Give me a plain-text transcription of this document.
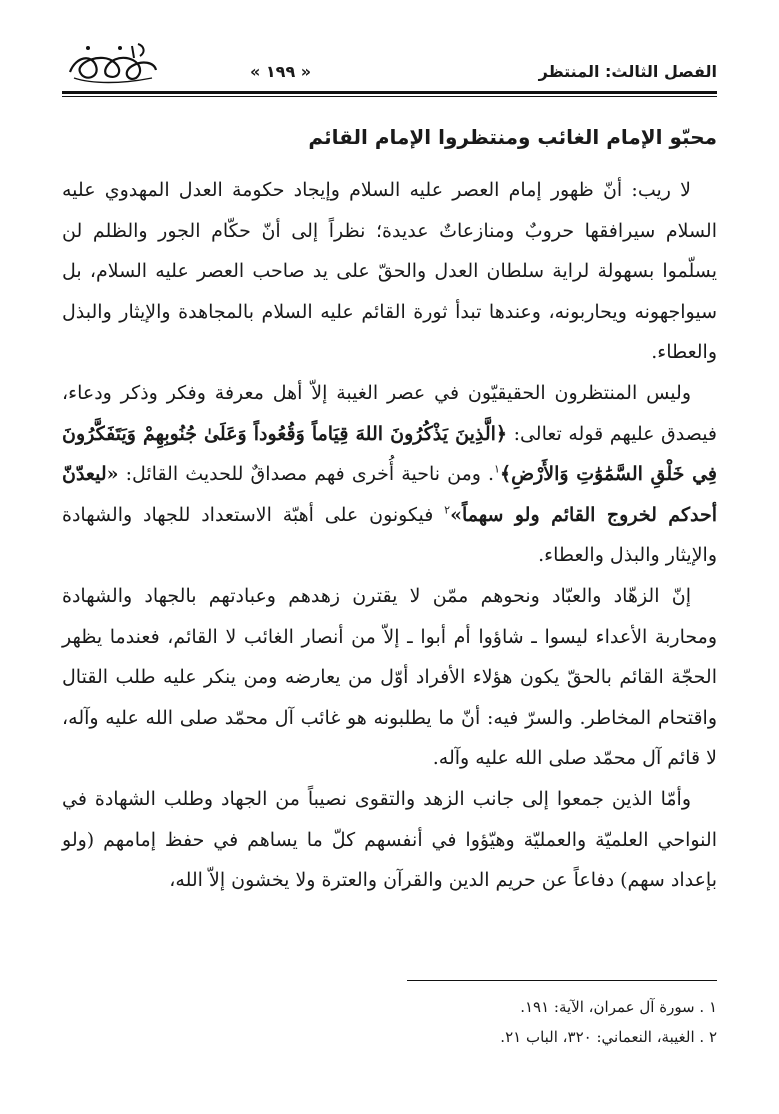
الفصل الثالث: المنتظر
« ١٩٩ »
محبّو الإمام الغائب ومنتظروا الإمام القائم

لا ريب: أنّ ظهور إمام العصر عليه السلام وإيجاد حكومة العدل المهدوي عليه السلام سيرافقها حروبٌ ومنازعاتٌ عديدة؛ نظراً إلى أنّ حكّام الجور والظلم لن يسلّموا بسهولة لراية سلطان العدل والحقّ على يد صاحب العصر عليه السلام، بل سيواجهونه ويحاربونه، وعندها تبدأ ثورة القائم عليه السلام بالمجاهدة والإيثار والبذل والعطاء.

وليس المنتظرون الحقيقيّون في عصر الغيبة إلاّ أهل معرفة وفكر وذكر ودعاء، فيصدق عليهم قوله تعالى: ﴿الَّذِينَ يَذْكُرُونَ اللهَ قِيَاماً وَقُعُوداً وَعَلَىٰ جُنُوبِهِمْ وَيَتَفَكَّرُونَ فِي خَلْقِ السَّمَٰوَٰتِ وَالأَرْضِ﴾$^١$. ومن ناحية أُخرى فهم مصداقٌ للحديث القائل: «ليعدّنّ أحدكم لخروج القائم ولو سهماً»$^٢$ فيكونون على أهبّة الاستعداد للجهاد والشهادة والإيثار والبذل والعطاء.

إنّ الزهّاد والعبّاد ونحوهم ممّن لا يقترن زهدهم وعبادتهم بالجهاد والشهادة ومحاربة الأعداء ليسوا ـ شاؤوا أم أبوا ـ إلاّ من أنصار الغائب لا القائم، فعندما يظهر الحجّة القائم بالحقّ يكون هؤلاء الأفراد أوّل من يعارضه ومن ينكر عليه طلب القتال واقتحام المخاطر. والسرّ فيه: أنّ ما يطلبونه هو غائب آل محمّد صلى الله عليه وآله، لا قائم آل محمّد صلى الله عليه وآله.

وأمّا الذين جمعوا إلى جانب الزهد والتقوى نصيباً من الجهاد وطلب الشهادة في النواحي العلميّة والعمليّة وهيّؤوا في أنفسهم كلّ ما يساهم في حفظ إمامهم (ولو بإعداد سهم) دفاعاً عن حريم الدين والقرآن والعترة ولا يخشون إلاّ الله،

١ . سورة آل عمران، الآية: ١٩١.
٢ . الغيبة، النعماني: ٣٢٠، الباب ٢١.
